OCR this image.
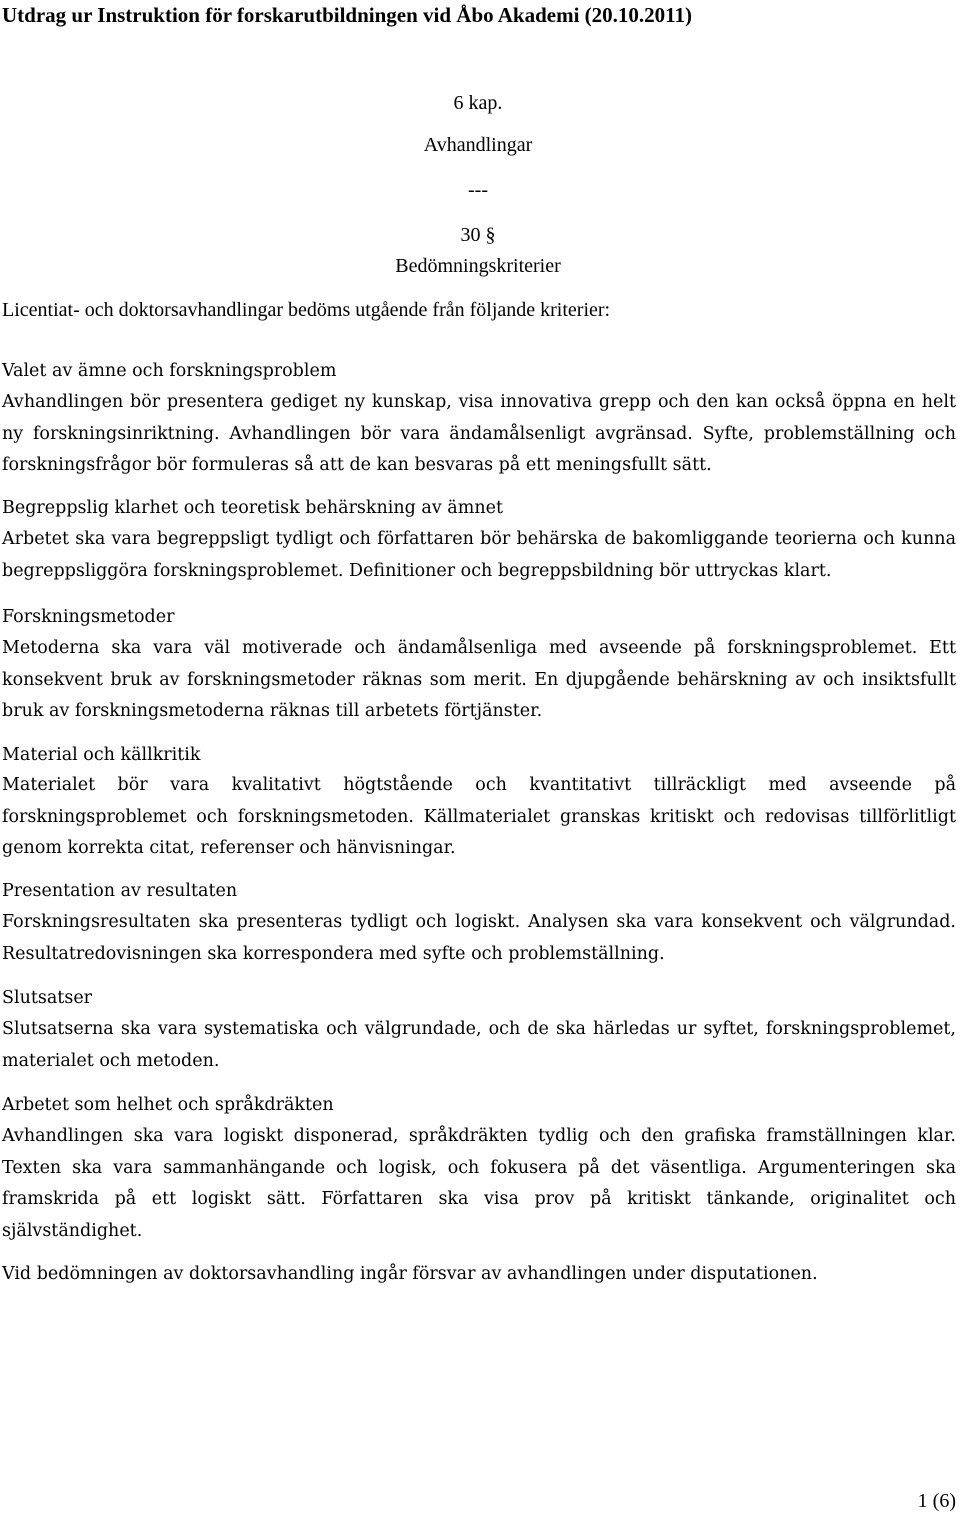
Utdrag ur Instruktion för forskarutbildningen vid Åbo Akademi (20.10.2011)
6 kap.
Avhandlingar
---
30 §
Bedömningskriterier
Licentiat- och doktorsavhandlingar bedöms utgående från följande kriterier:
Valet av ämne och forskningsproblem
Avhandlingen bör presentera gediget ny kunskap, visa innovativa grepp och den kan också öppna en helt ny forskningsinriktning. Avhandlingen bör vara ändamålsenligt avgränsad. Syfte, problemställning och forskningsfrågor bör formuleras så att de kan besvaras på ett meningsfullt sätt.
Begreppslig klarhet och teoretisk behärskning av ämnet
Arbetet ska vara begreppsligt tydligt och författaren bör behärska de bakomliggande teorierna och kunna begreppsliggöra forskningsproblemet. Definitioner och begreppsbildning bör uttryckas klart.
Forskningsmetoder
Metoderna ska vara väl motiverade och ändamålsenliga med avseende på forskningsproblemet. Ett konsekvent bruk av forskningsmetoder räknas som merit. En djupgående behärskning av och insiktsfullt bruk av forskningsmetoderna räknas till arbetets förtjänster.
Material och källkritik
Materialet bör vara kvalitativt högtstående och kvantitativt tillräckligt med avseende på forskningsproblemet och forskningsmetoden. Källmaterialet granskas kritiskt och redovisas tillförlitligt genom korrekta citat, referenser och hänvisningar.
Presentation av resultaten
Forskningsresultaten ska presenteras tydligt och logiskt. Analysen ska vara konsekvent och välgrundad. Resultatredovisningen ska korrespondera med syfte och problemställning.
Slutsatser
Slutsatserna ska vara systematiska och välgrundade, och de ska härledas ur syftet, forskningsproblemet, materialet och metoden.
Arbetet som helhet och språkdräkten
Avhandlingen ska vara logiskt disponerad, språkdräkten tydlig och den grafiska framställningen klar. Texten ska vara sammanhängande och logisk, och fokusera på det väsentliga. Argumenteringen ska framskrida på ett logiskt sätt. Författaren ska visa prov på kritiskt tänkande, originalitet och självständighet.
Vid bedömningen av doktorsavhandling ingår försvar av avhandlingen under disputationen.
1 (6)
